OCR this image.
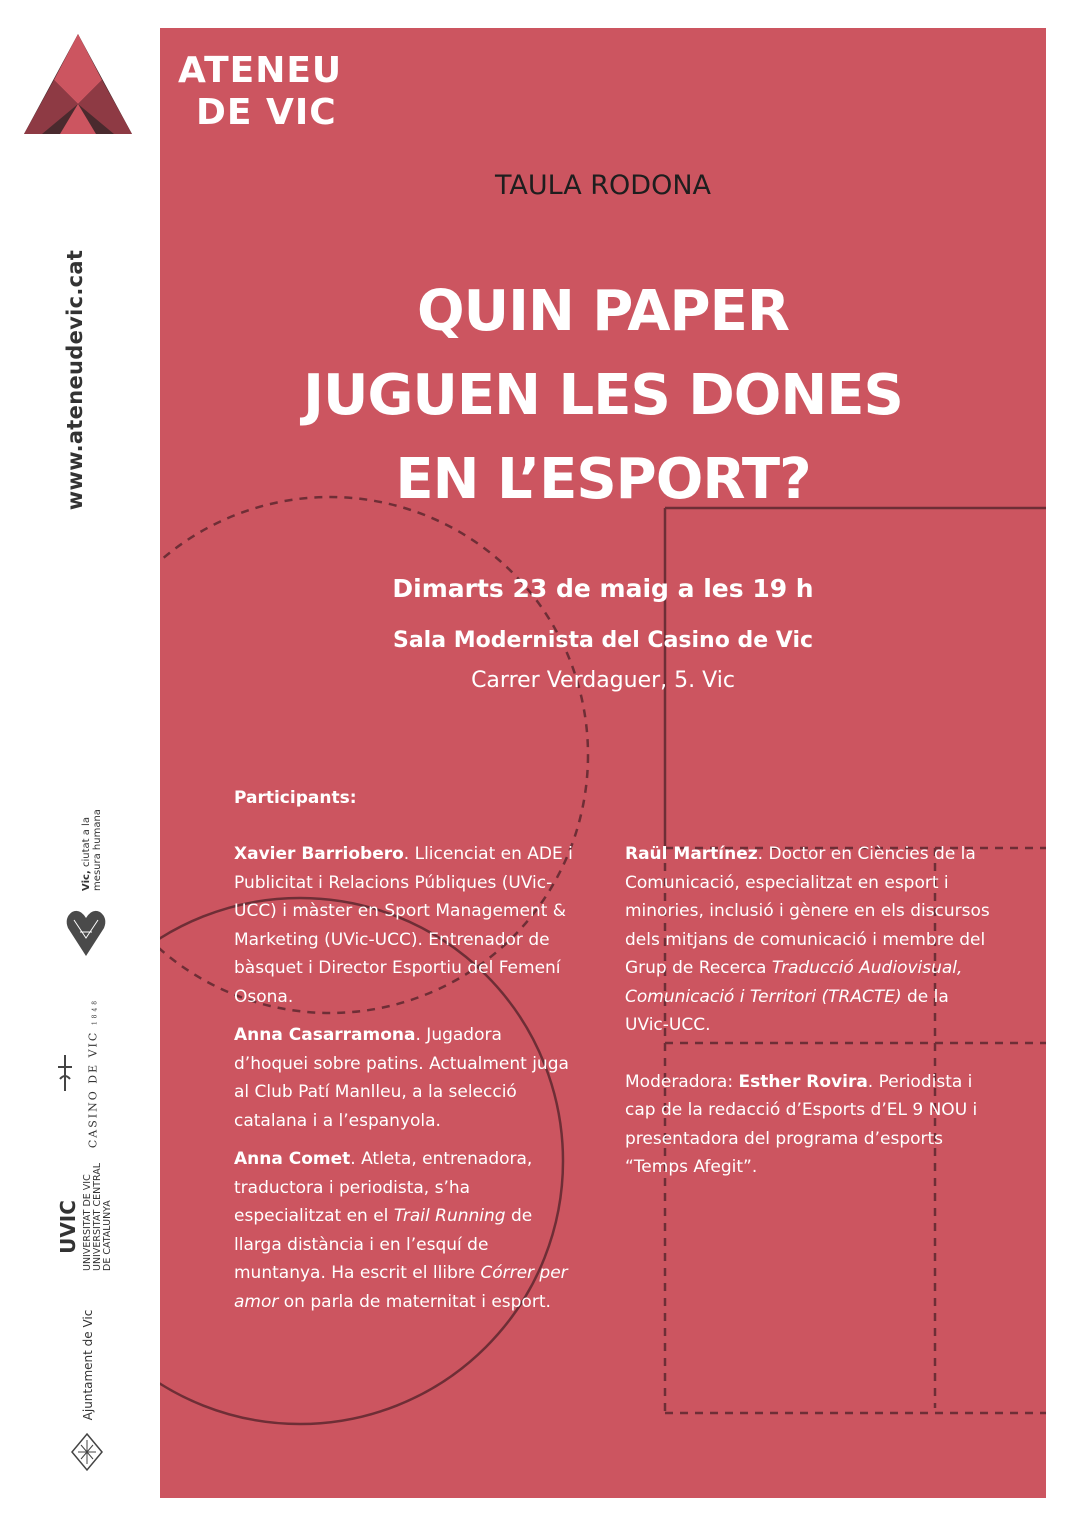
www.ateneudevic.cat
Vic, ciutat a la
mesura humana
CASINO DE VIC 1848
UVIC UNIVERSITAT DE VIC
UNIVERSITAT CENTRAL
DE CATALUNYA
Ajuntament de Vic
ATENEU
DE VIC
TAULA RODONA
QUIN PAPER
JUGUEN LES DONES
EN L’ESPORT?
Dimarts 23 de maig a les 19 h
Sala Modernista del Casino de Vic
Carrer Verdaguer, 5. Vic
Participants:

Xavier Barriobero. Llicenciat en ADE i Publicitat i Relacions Públiques (UVic-UCC) i màster en Sport Management & Marketing (UVic-UCC). Entrenador de bàsquet i Director Esportiu del Femení Osona.

Anna Casarramona. Jugadora d’hoquei sobre patins. Actualment juga al Club Patí Manlleu, a la selecció catalana i a l’espanyola.

Anna Comet. Atleta, entrenadora, traductora i periodista, s’ha especialitzat en el Trail Running de llarga distància i en l’esquí de muntanya. Ha escrit el llibre Córrer per amor on parla de maternitat i esport.

Raül Martínez. Doctor en Ciències de la Comunicació, especialitzat en esport i minories, inclusió i gènere en els discursos dels mitjans de comunicació i membre del Grup de Recerca Traducció Audiovisual, Comunicació i Territori (TRACTE) de la UVic-UCC.

Moderadora: Esther Rovira. Periodista i cap de la redacció d’Esports d’EL 9 NOU i presentadora del programa d’esports “Temps Afegit”.
